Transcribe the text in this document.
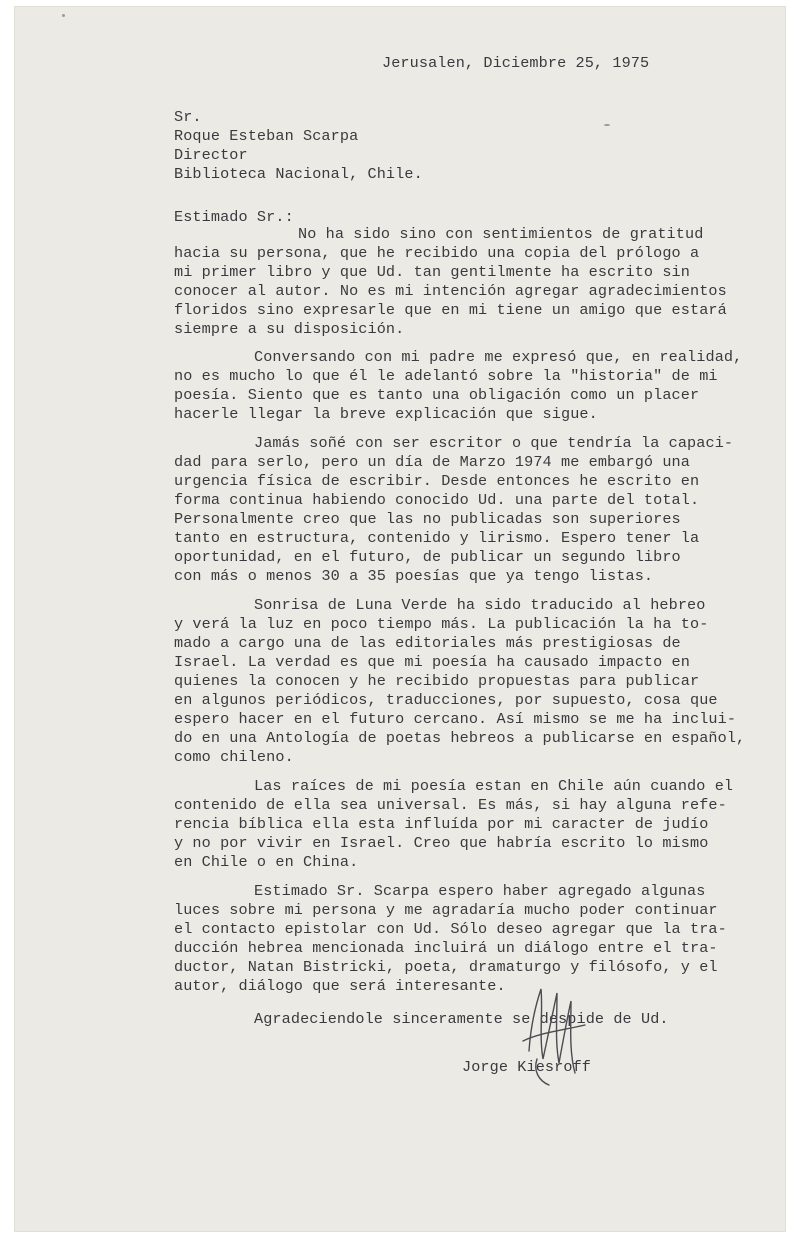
Jerusalen, Diciembre 25, 1975
Sr.
Roque Esteban Scarpa
Director
Biblioteca Nacional, Chile.
Estimado Sr.:
No ha sido sino con sentimientos de gratitud
hacia su persona, que he recibido una copia del prólogo a
mi primer libro y que Ud. tan gentilmente ha escrito sin
conocer al autor. No es mi intención agregar agradecimientos
floridos sino expresarle que en mi tiene un amigo que estará
siempre a su disposición.
Conversando con mi padre me expresó que, en realidad,
no es mucho lo que él le adelantó sobre la "historia" de mi
poesía. Siento que es tanto una obligación como un placer
hacerle llegar la breve explicación que sigue.
Jamás soñé con ser escritor o que tendría la capaci-
dad para serlo, pero un día de Marzo 1974 me embargó una
urgencia física de escribir. Desde entonces he escrito en
forma continua habiendo conocido Ud. una parte del total.
Personalmente creo que las no publicadas son superiores
tanto en estructura, contenido y lirismo. Espero tener la
oportunidad, en el futuro, de publicar un segundo libro
con más o menos 30 a 35 poesías que ya tengo listas.
Sonrisa de Luna Verde ha sido traducido al hebreo
y verá la luz en poco tiempo más. La publicación la ha to-
mado a cargo una de las editoriales más prestigiosas de
Israel. La verdad es que mi poesía ha causado impacto en
quienes la conocen y he recibido propuestas para publicar
en algunos periódicos, traducciones, por supuesto, cosa que
espero hacer en el futuro cercano. Así mismo se me ha inclui-
do en una Antología de poetas hebreos a publicarse en español,
como chileno.
Las raíces de mi poesía estan en Chile aún cuando el
contenido de ella sea universal. Es más, si hay alguna refe-
rencia bíblica ella esta influída por mi caracter de judío
y no por vivir en Israel. Creo que habría escrito lo mismo
en Chile o en China.
Estimado Sr. Scarpa espero haber agregado algunas
luces sobre mi persona y me agradaría mucho poder continuar
el contacto epistolar con Ud. Sólo deseo agregar que la tra-
ducción hebrea mencionada incluirá un diálogo entre el tra-
ductor, Natan Bistricki, poeta, dramaturgo y filósofo, y el
autor, diálogo que será interesante.
Agradeciendole sinceramente se despide de Ud.
Jorge Kiesroff
